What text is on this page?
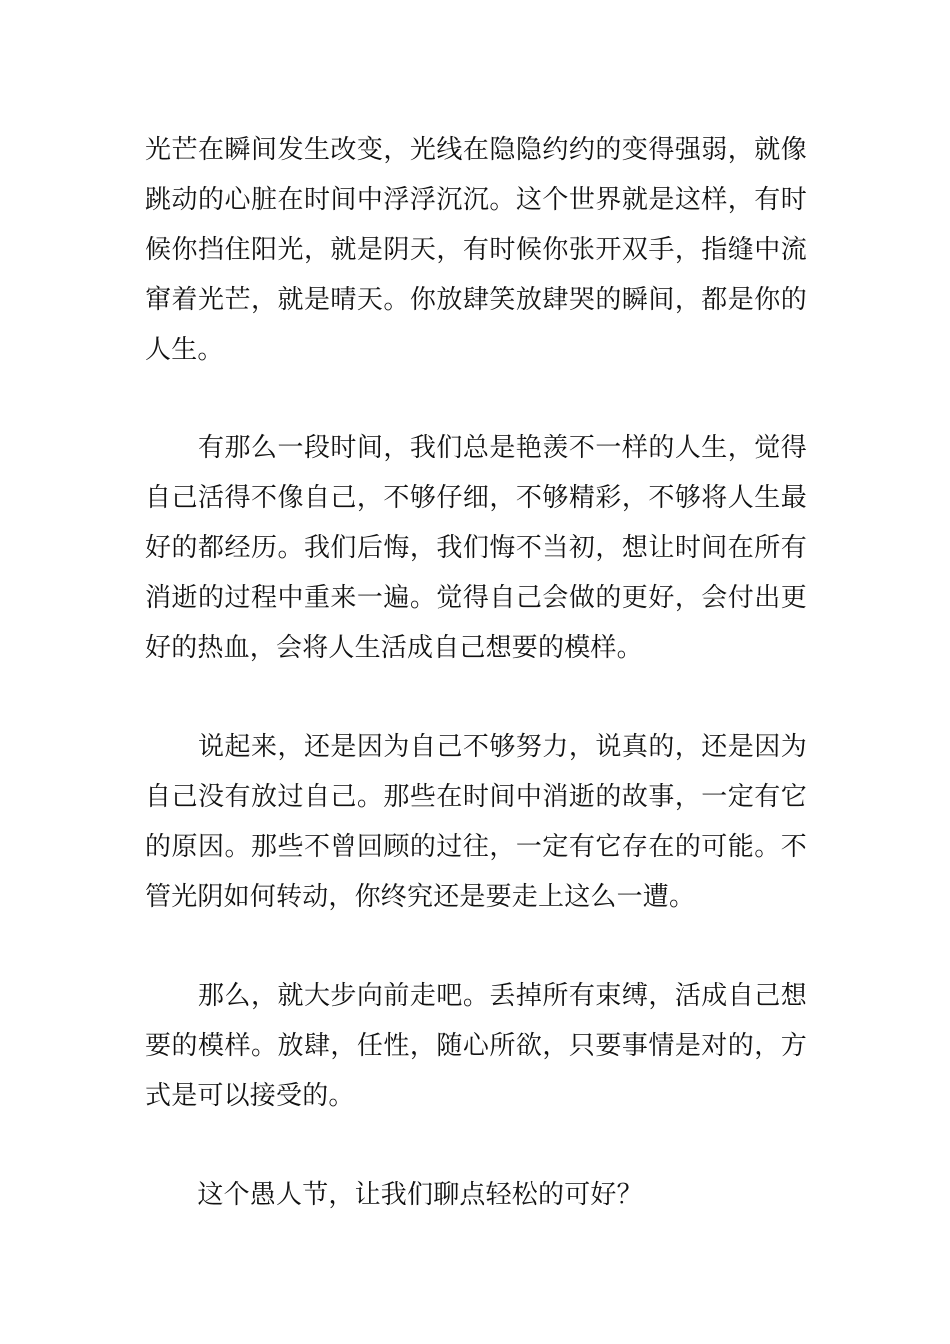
光芒在瞬间发生改变，光线在隐隐约约的变得强弱，就像跳动的心脏在时间中浮浮沉沉。这个世界就是这样，有时候你挡住阳光，就是阴天，有时候你张开双手，指缝中流窜着光芒，就是晴天。你放肆笑放肆哭的瞬间，都是你的人生。

　　有那么一段时间，我们总是艳羡不一样的人生，觉得自己活得不像自己，不够仔细，不够精彩，不够将人生最好的都经历。我们后悔，我们悔不当初，想让时间在所有消逝的过程中重来一遍。觉得自己会做的更好，会付出更好的热血，会将人生活成自己想要的模样。

　　说起来，还是因为自己不够努力，说真的，还是因为自己没有放过自己。那些在时间中消逝的故事，一定有它的原因。那些不曾回顾的过往，一定有它存在的可能。不管光阴如何转动，你终究还是要走上这么一遭。

　　那么，就大步向前走吧。丢掉所有束缚，活成自己想要的模样。放肆，任性，随心所欲，只要事情是对的，方式是可以接受的。

　　这个愚人节，让我们聊点轻松的可好？
